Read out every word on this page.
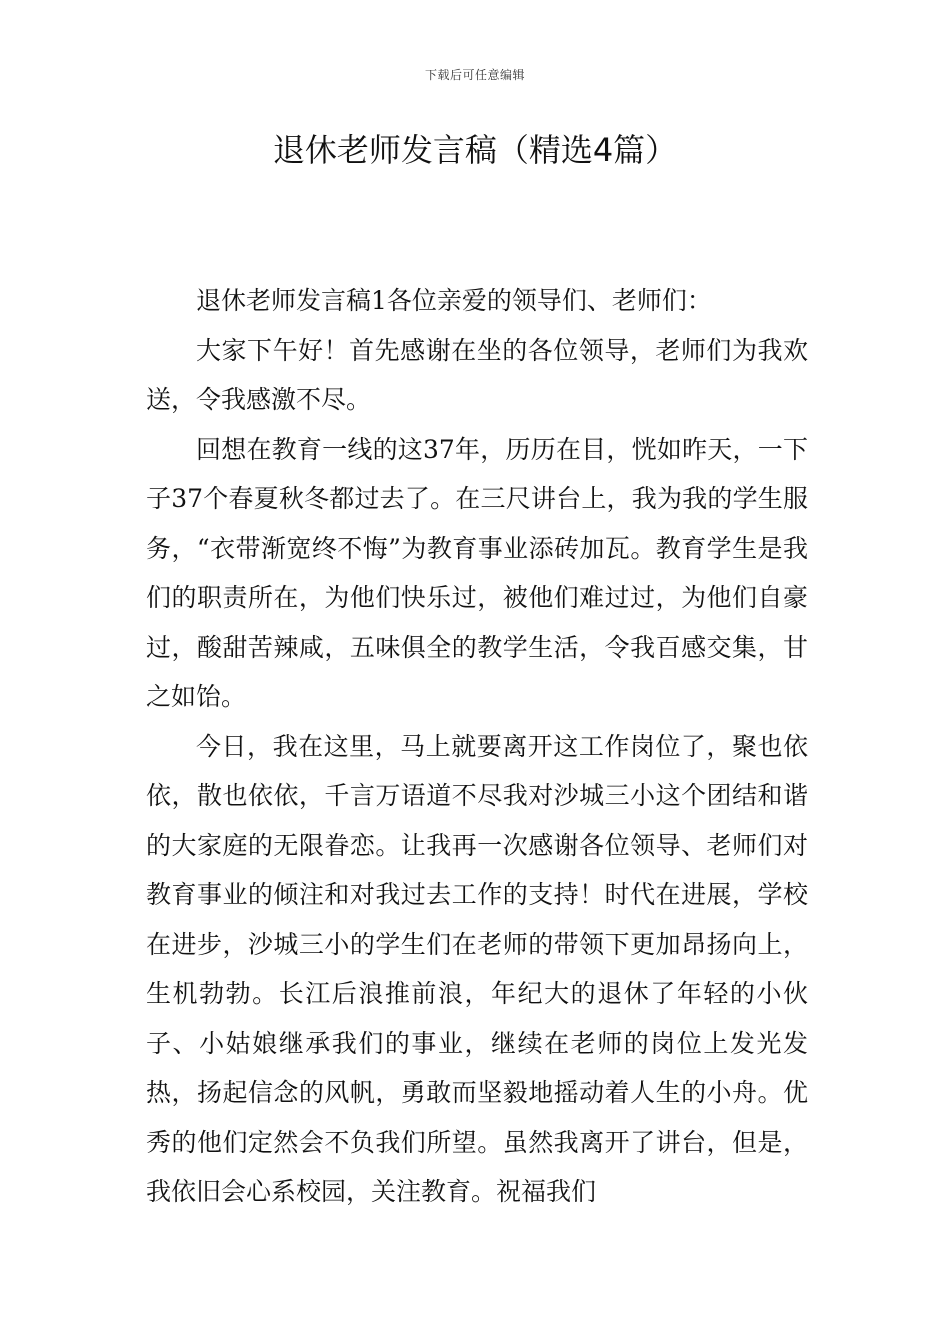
下载后可任意编辑
退休老师发言稿（精选4篇）

退休老师发言稿1各位亲爱的领导们、老师们：

大家下午好！首先感谢在坐的各位领导，老师们为我欢送，令我感激不尽。

回想在教育一线的这37年，历历在目，恍如昨天，一下子37个春夏秋冬都过去了。在三尺讲台上，我为我的学生服务，“衣带渐宽终不悔”为教育事业添砖加瓦。教育学生是我们的职责所在，为他们快乐过，被他们难过过，为他们自豪过，酸甜苦辣咸，五味俱全的教学生活，令我百感交集，甘之如饴。

今日，我在这里，马上就要离开这工作岗位了，聚也依依，散也依依，千言万语道不尽我对沙城三小这个团结和谐的大家庭的无限眷恋。让我再一次感谢各位领导、老师们对教育事业的倾注和对我过去工作的支持！时代在进展，学校在进步，沙城三小的学生们在老师的带领下更加昂扬向上，生机勃勃。长江后浪推前浪，年纪大的退休了年轻的小伙子、小姑娘继承我们的事业，继续在老师的岗位上发光发热，扬起信念的风帆，勇敢而坚毅地摇动着人生的小舟。优秀的他们定然会不负我们所望。虽然我离开了讲台，但是，我依旧会心系校园，关注教育。祝福我们
